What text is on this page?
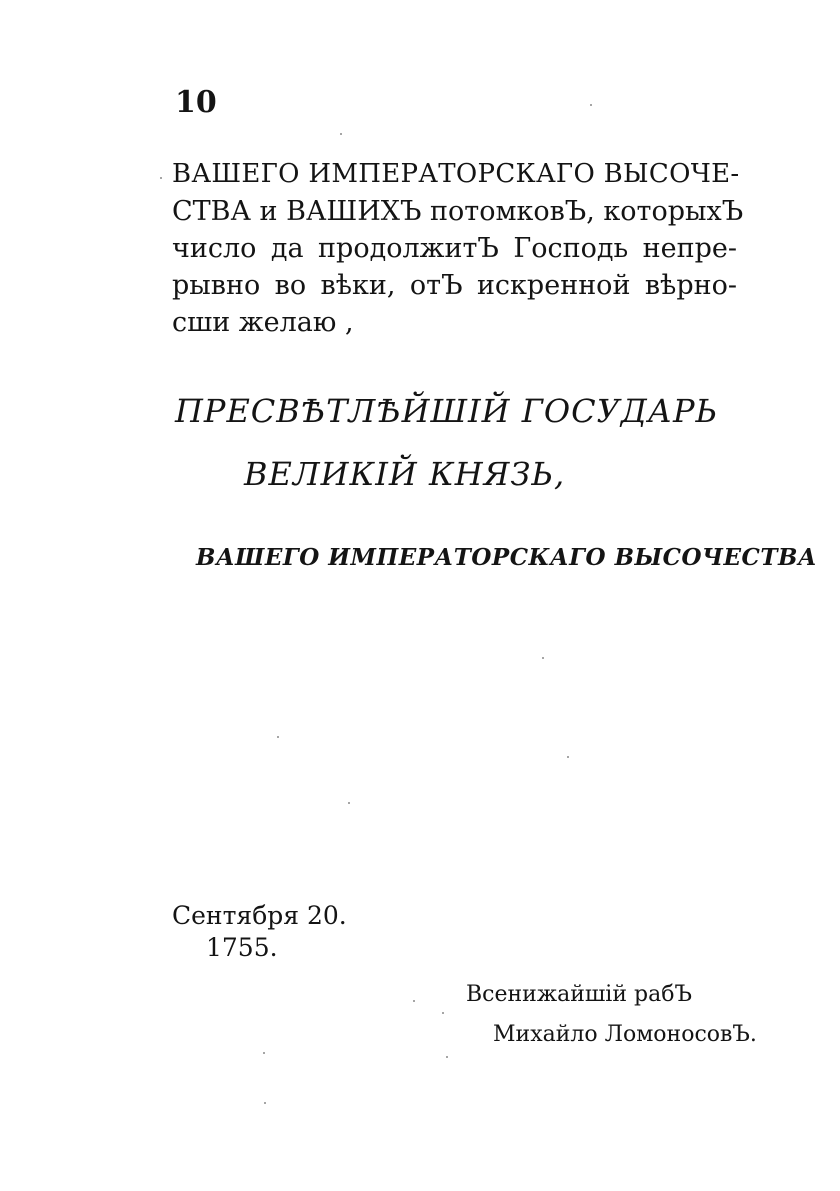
10
ВАШЕГО ИМПЕРАТОРСКАГО ВЫСОЧЕ-
СТВА и ВАШИХЪ потомковЪ, которыхЪ
число да продолжитЪ Господь непре-
рывно во вѣки, отЪ искренной вѣрно-
сши желаю ,
ПРЕСВѢТЛѢЙШІЙ ГОСУДАРЬ
ВЕЛИКІЙ КНЯЗЬ,
ВАШЕГО ИМПЕРАТОРСКАГО ВЫСОЧЕСТВА
Сентября 20.
1755.
Всенижайшій рабЪ
Михайло ЛомоносовЪ.
